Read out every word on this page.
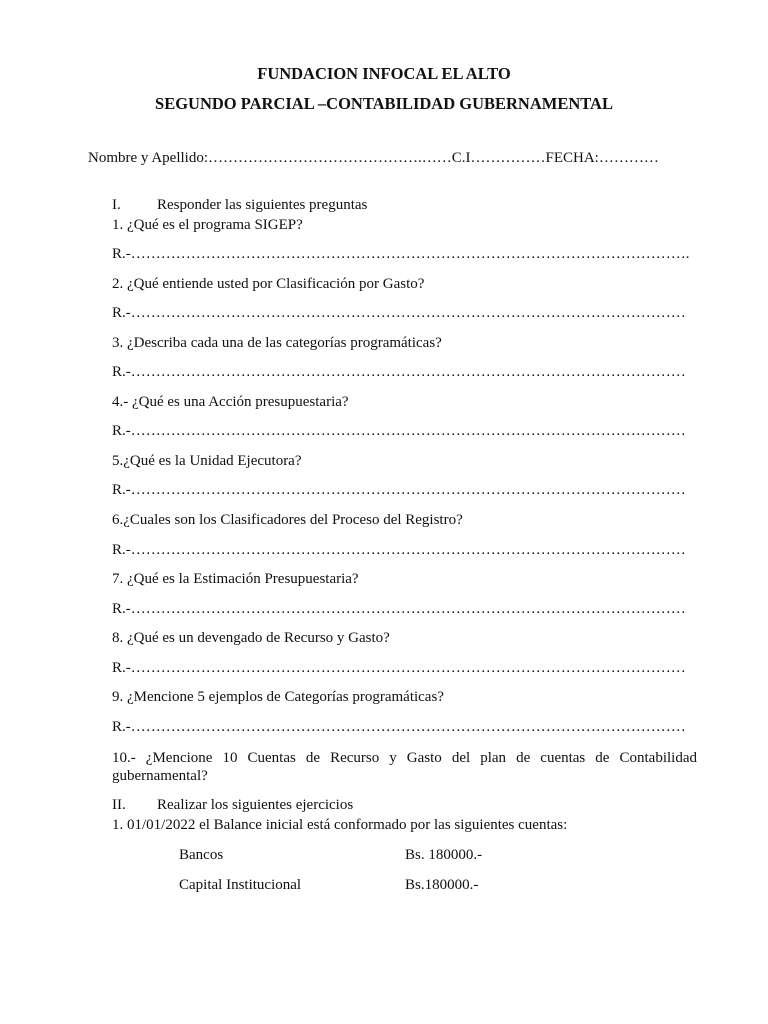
FUNDACION INFOCAL EL ALTO
SEGUNDO PARCIAL –CONTABILIDAD GUBERNAMENTAL
Nombre y Apellido:…………………………………….……C.I……………FECHA:…………
I. Responder las siguientes preguntas
1. ¿Qué es el programa SIGEP?
R.-………………………………………………………………………………………………….
2. ¿Qué entiende usted por Clasificación por Gasto?
R.-…………………………………………………………………………………………………
3. ¿Describa cada una de las categorías programáticas?
R.-…………………………………………………………………………………………………
4.- ¿Qué es una Acción presupuestaria?
R.-…………………………………………………………………………………………………
5.¿Qué es la Unidad Ejecutora?
R.-…………………………………………………………………………………………………
6.¿Cuales son los Clasificadores del Proceso del Registro?
R.-…………………………………………………………………………………………………
7. ¿Qué es la Estimación Presupuestaria?
R.-…………………………………………………………………………………………………
8. ¿Qué es un devengado de Recurso y Gasto?
R.-…………………………………………………………………………………………………
9. ¿Mencione 5 ejemplos de Categorías programáticas?
R.-…………………………………………………………………………………………………
10.- ¿Mencione 10 Cuentas de Recurso y Gasto del plan de cuentas de Contabilidad
gubernamental?
II. Realizar los siguientes ejercicios
1. 01/01/2022 el Balance inicial está conformado por las siguientes cuentas:
Bancos	Bs. 180000.-
Capital Institucional	Bs.180000.-
